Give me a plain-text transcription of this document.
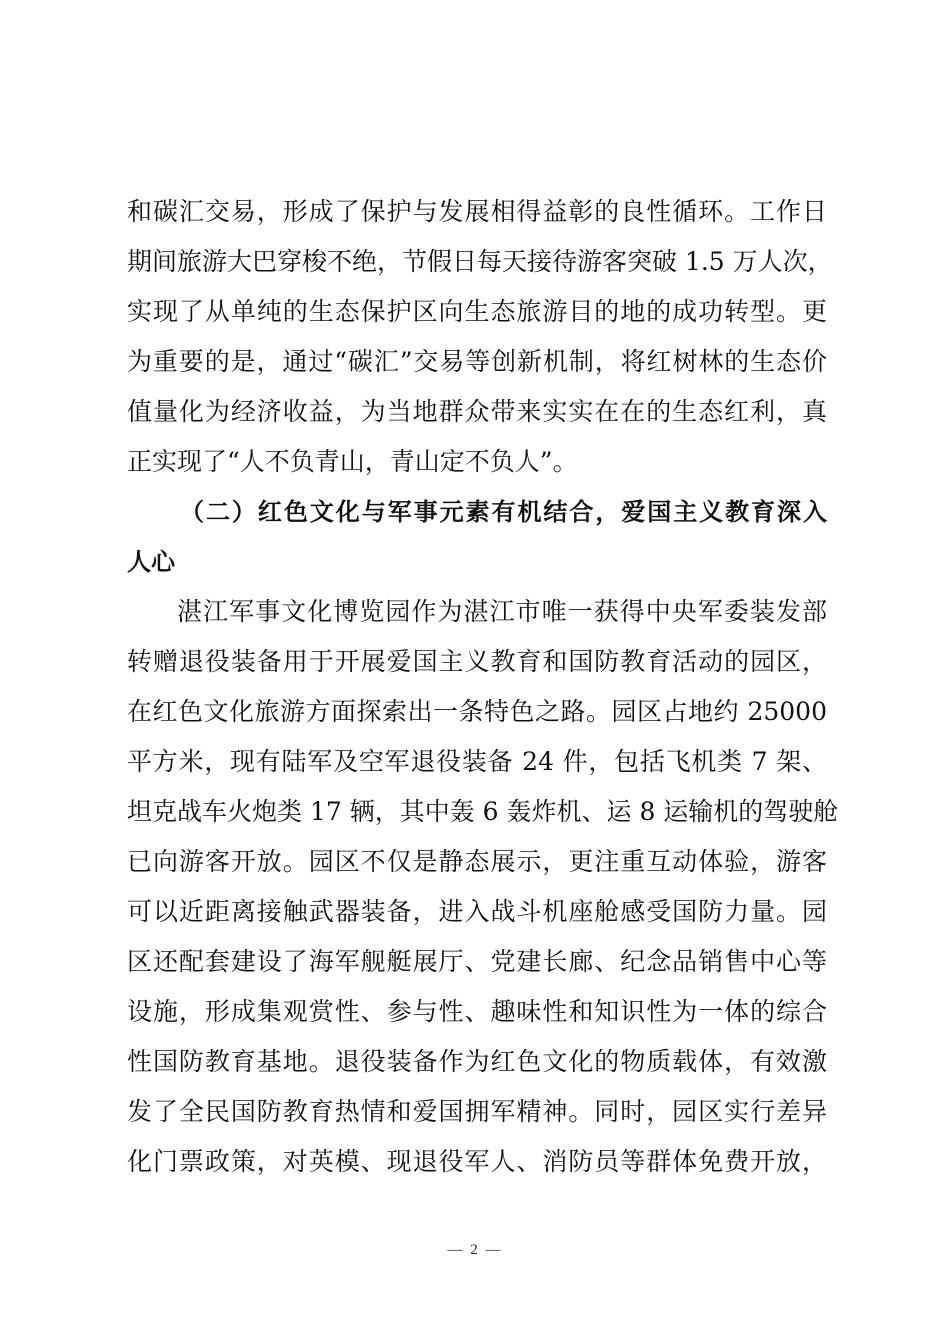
和碳汇交易，形成了保护与发展相得益彰的良性循环。工作日
期间旅游大巴穿梭不绝，节假日每天接待游客突破 1.5 万人次，
实现了从单纯的生态保护区向生态旅游目的地的成功转型。更
为重要的是，通过“碳汇”交易等创新机制，将红树林的生态价
值量化为经济收益，为当地群众带来实实在在的生态红利，真
正实现了“人不负青山，青山定不负人”。
（二）红色文化与军事元素有机结合，爱国主义教育深入
人心
湛江军事文化博览园作为湛江市唯一获得中央军委装发部
转赠退役装备用于开展爱国主义教育和国防教育活动的园区，
在红色文化旅游方面探索出一条特色之路。园区占地约 25000
平方米，现有陆军及空军退役装备 24 件，包括飞机类 7 架、
坦克战车火炮类 17 辆，其中轰 6 轰炸机、运 8 运输机的驾驶舱
已向游客开放。园区不仅是静态展示，更注重互动体验，游客
可以近距离接触武器装备，进入战斗机座舱感受国防力量。园
区还配套建设了海军舰艇展厅、党建长廊、纪念品销售中心等
设施，形成集观赏性、参与性、趣味性和知识性为一体的综合
性国防教育基地。退役装备作为红色文化的物质载体，有效激
发了全民国防教育热情和爱国拥军精神。同时，园区实行差异
化门票政策，对英模、现退役军人、消防员等群体免费开放，
— 2 —
